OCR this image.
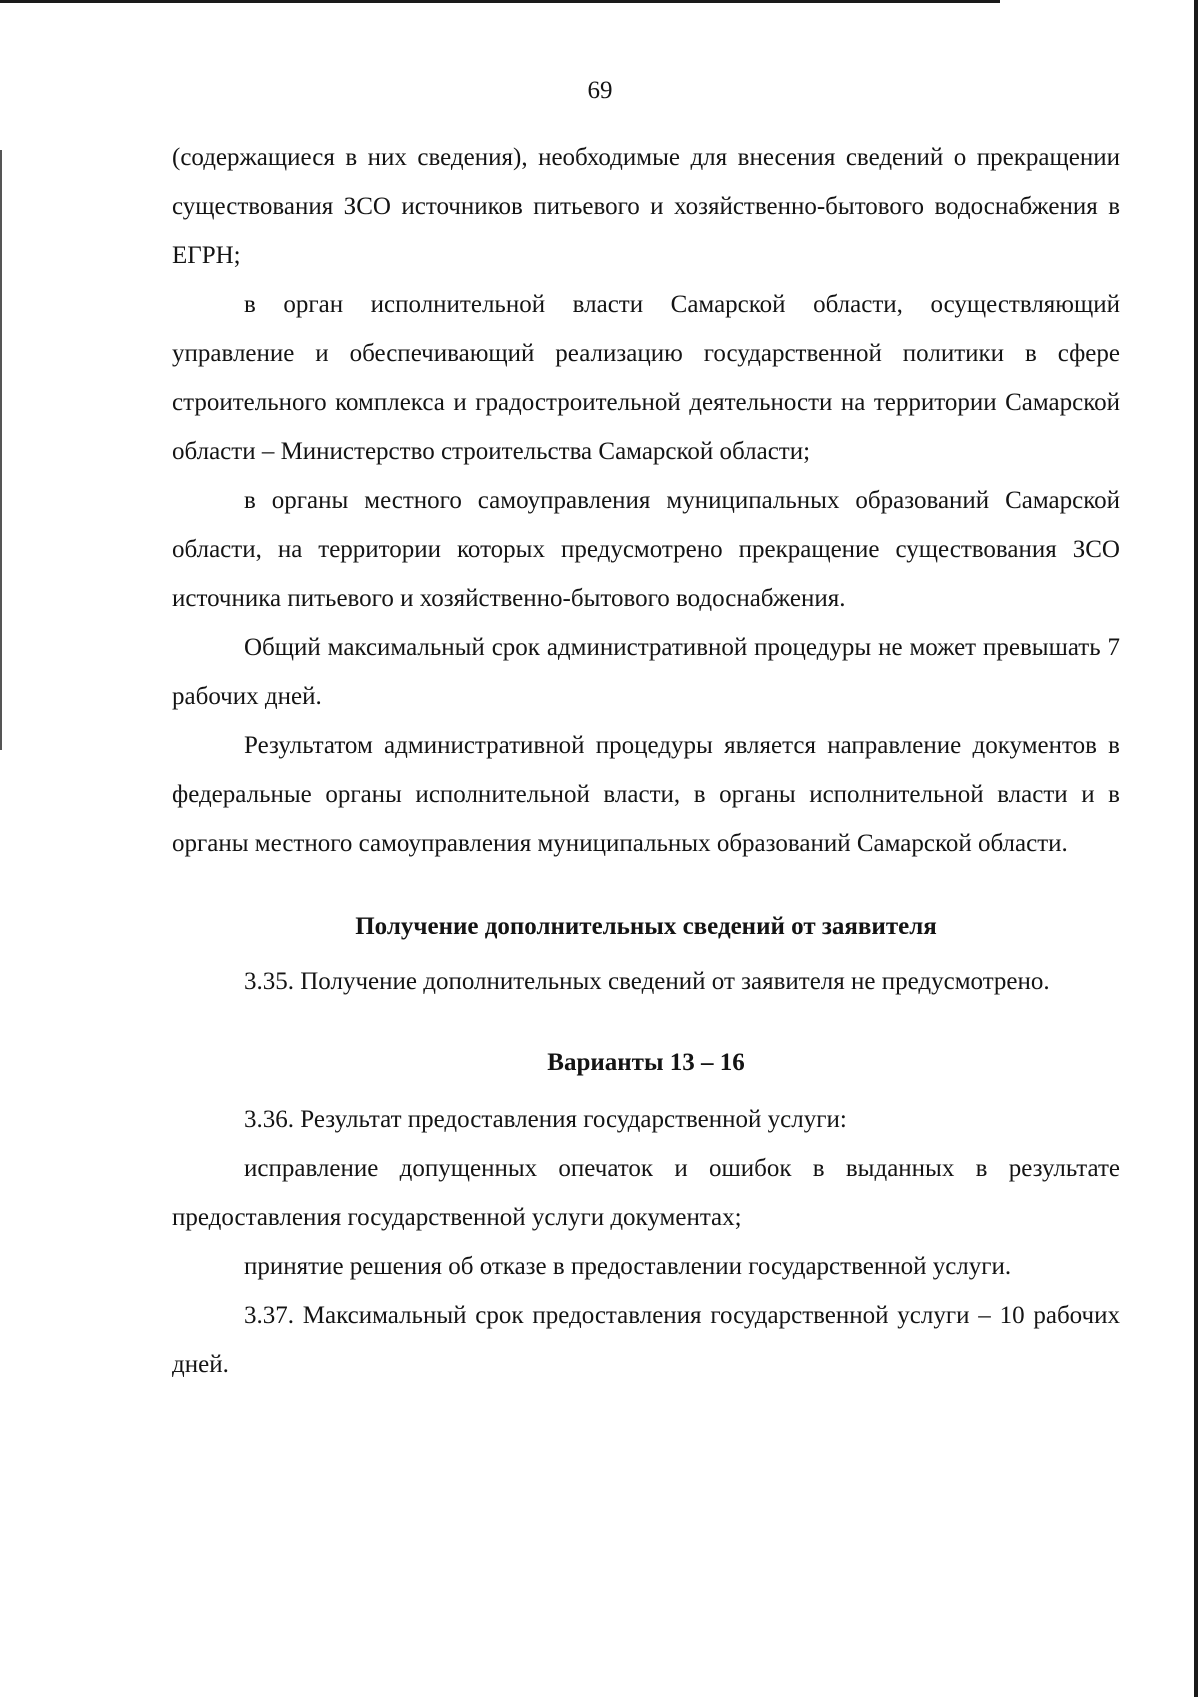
69

(содержащиеся в них сведения), необходимые для внесения сведений о прекращении существования ЗСО источников питьевого и хозяйственно-бытового водоснабжения в ЕГРН;

в орган исполнительной власти Самарской области, осуществляющий управление и обеспечивающий реализацию государственной политики в сфере строительного комплекса и градостроительной деятельности на территории Самарской области – Министерство строительства Самарской области;

в органы местного самоуправления муниципальных образований Самарской области, на территории которых предусмотрено прекращение существования ЗСО источника питьевого и хозяйственно-бытового водоснабжения.

Общий максимальный срок административной процедуры не может превышать 7 рабочих дней.

Результатом административной процедуры является направление документов в федеральные органы исполнительной власти, в органы исполнительной власти и в органы местного самоуправления муниципальных образований Самарской области.

Получение дополнительных сведений от заявителя

3.35. Получение дополнительных сведений от заявителя не предусмотрено.

Варианты 13 – 16

3.36. Результат предоставления государственной услуги:

исправление допущенных опечаток и ошибок в выданных в результате предоставления государственной услуги документах;

принятие решения об отказе в предоставлении государственной услуги.

3.37. Максимальный срок предоставления государственной услуги – 10 рабочих дней.
